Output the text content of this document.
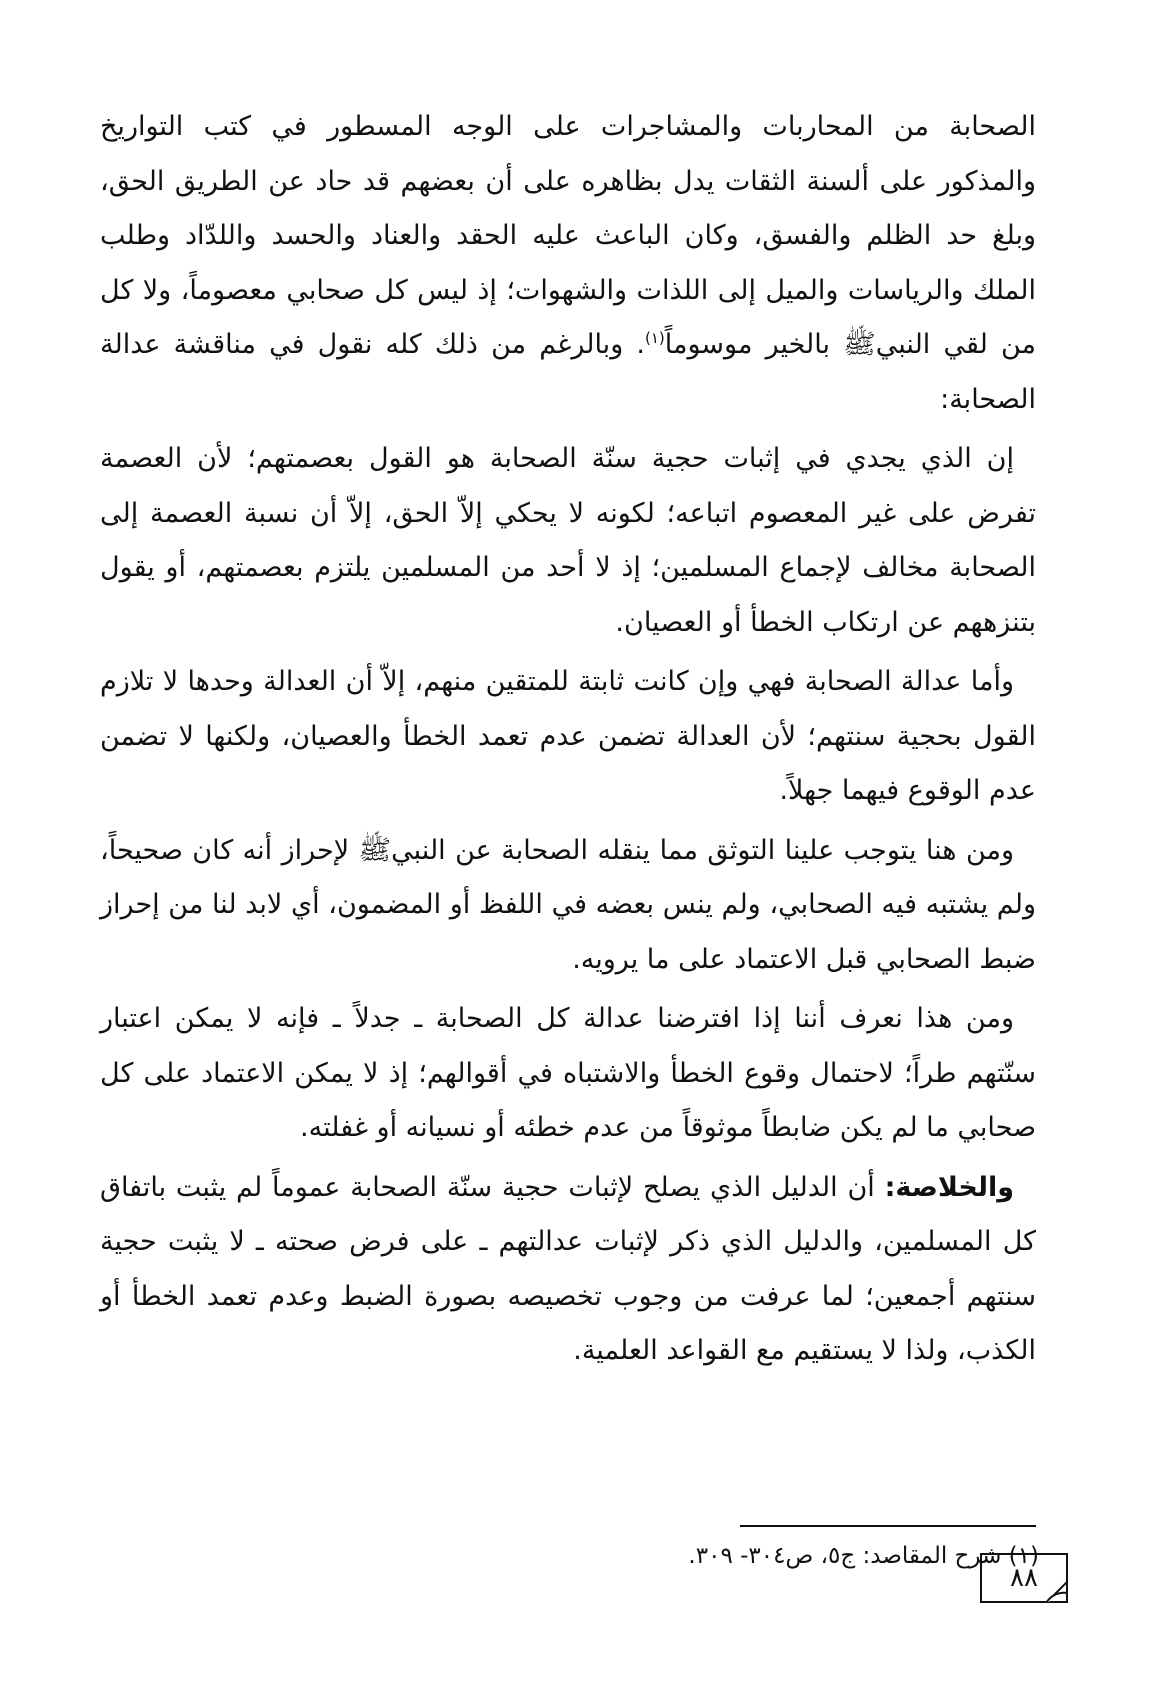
الصحابة من المحاربات والمشاجرات على الوجه المسطور في كتب التواريخ والمذكور على ألسنة الثقات يدل بظاهره على أن بعضهم قد حاد عن الطريق الحق، وبلغ حد الظلم والفسق، وكان الباعث عليه الحقد والعناد والحسد واللدّاد وطلب الملك والرياسات والميل إلى اللذات والشهوات؛ إذ ليس كل صحابي معصوماً، ولا كل من لقي النبيﷺ بالخير موسوماً$^{(١)}$. وبالرغم من ذلك كله نقول في مناقشة عدالة الصحابة:

إن الذي يجدي في إثبات حجية سنّة الصحابة هو القول بعصمتهم؛ لأن العصمة تفرض على غير المعصوم اتباعه؛ لكونه لا يحكي إلاّ الحق، إلاّ أن نسبة العصمة إلى الصحابة مخالف لإجماع المسلمين؛ إذ لا أحد من المسلمين يلتزم بعصمتهم، أو يقول بتنزههم عن ارتكاب الخطأ أو العصيان.

وأما عدالة الصحابة فهي وإن كانت ثابتة للمتقين منهم، إلاّ أن العدالة وحدها لا تلازم القول بحجية سنتهم؛ لأن العدالة تضمن عدم تعمد الخطأ والعصيان، ولكنها لا تضمن عدم الوقوع فيهما جهلاً.

ومن هنا يتوجب علينا التوثق مما ينقله الصحابة عن النبيﷺ لإحراز أنه كان صحيحاً، ولم يشتبه فيه الصحابي، ولم ينس بعضه في اللفظ أو المضمون، أي لابد لنا من إحراز ضبط الصحابي قبل الاعتماد على ما يرويه.

ومن هذا نعرف أننا إذا افترضنا عدالة كل الصحابة ـ جدلاً ـ فإنه لا يمكن اعتبار سنّتهم طراً؛ لاحتمال وقوع الخطأ والاشتباه في أقوالهم؛ إذ لا يمكن الاعتماد على كل صحابي ما لم يكن ضابطاً موثوقاً من عدم خطئه أو نسيانه أو غفلته.

والخلاصة: أن الدليل الذي يصلح لإثبات حجية سنّة الصحابة عموماً لم يثبت باتفاق كل المسلمين، والدليل الذي ذكر لإثبات عدالتهم ـ على فرض صحته ـ لا يثبت حجية سنتهم أجمعين؛ لما عرفت من وجوب تخصيصه بصورة الضبط وعدم تعمد الخطأ أو الكذب، ولذا لا يستقيم مع القواعد العلمية.

(١) شرح المقاصد: ج٥، ص٣٠٤- ٣٠٩.
٨٨
